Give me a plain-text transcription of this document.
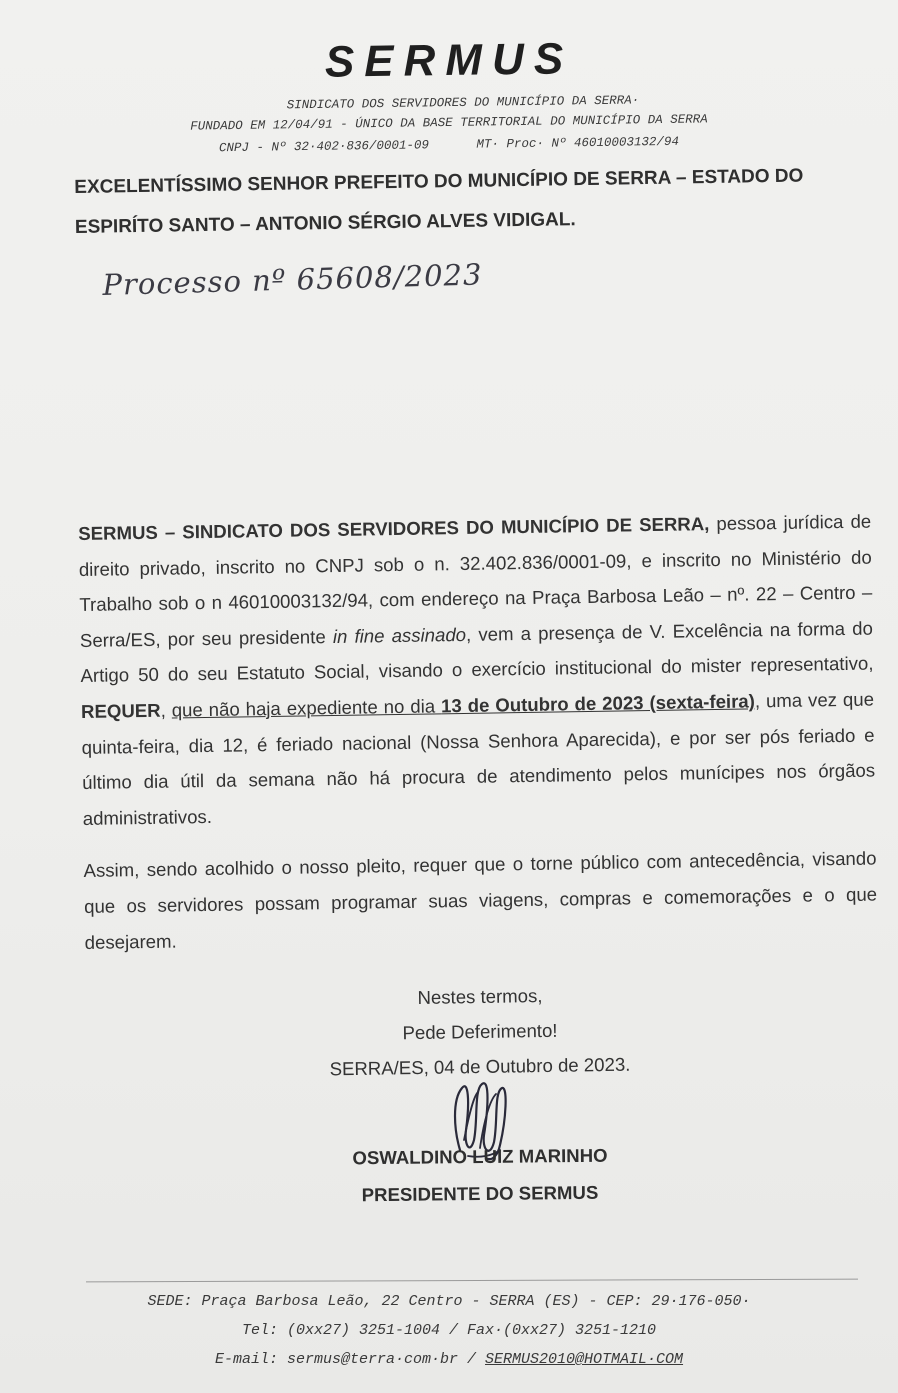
SERMUS
SINDICATO DOS SERVIDORES DO MUNICÍPIO DA SERRA·
FUNDADO EM 12/04/91 - ÚNICO DA BASE TERRITORIAL DO MUNICÍPIO DA SERRA
CNPJ - Nº 32·402·836/0001-09	MT· Proc· Nº 46010003132/94
EXCELENTÍSSIMO SENHOR PREFEITO DO MUNICÍPIO DE SERRA – ESTADO DO
ESPIRÍTO SANTO – ANTONIO SÉRGIO ALVES VIDIGAL.
Processo nº 65608/2023

SERMUS – SINDICATO DOS SERVIDORES DO MUNICÍPIO DE SERRA, pessoa jurídica de direito privado, inscrito no CNPJ sob o n. 32.402.836/0001-09, e inscrito no Ministério do Trabalho sob o n 46010003132/94, com endereço na Praça Barbosa Leão – nº. 22 – Centro – Serra/ES, por seu presidente in fine assinado, vem a presença de V. Excelência na forma do Artigo 50 do seu Estatuto Social, visando o exercício institucional do mister representativo, REQUER, que não haja expediente no dia 13 de Outubro de 2023 (sexta-feira), uma vez que quinta-feira, dia 12, é feriado nacional (Nossa Senhora Aparecida), e por ser pós feriado e último dia útil da semana não há procura de atendimento pelos munícipes nos órgãos administrativos.

Assim, sendo acolhido o nosso pleito, requer que o torne público com antecedência, visando que os servidores possam programar suas viagens, compras e comemorações e o que desejarem.

Nestes termos,
Pede Deferimento!
SERRA/ES, 04 de Outubro de 2023.
OSWALDINO LUIZ MARINHO
PRESIDENTE DO SERMUS
SEDE: Praça Barbosa Leão, 22 Centro - SERRA (ES) - CEP: 29·176-050·
Tel: (0xx27) 3251-1004 / Fax·(0xx27) 3251-1210
E-mail: sermus@terra·com·br / SERMUS2010@HOTMAIL·COM
